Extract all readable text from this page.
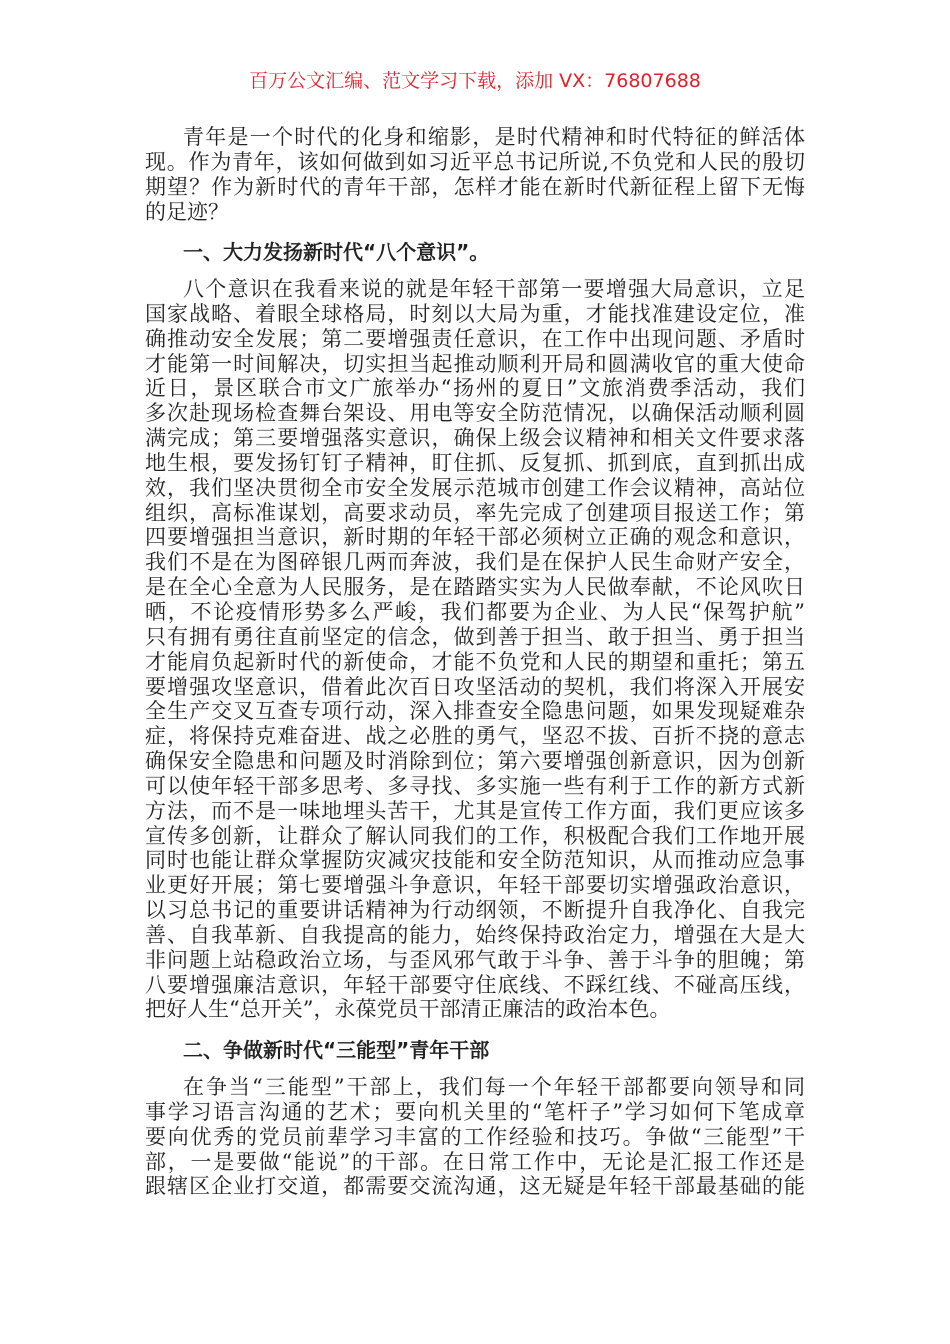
百万公文汇编、范文学习下载，添加 VX：76807688
青年是一个时代的化身和缩影，是时代精神和时代特征的鲜活体
现。作为青年，该如何做到如习近平总书记所说,不负党和人民的殷切
期望？作为新时代的青年干部，怎样才能在新时代新征程上留下无悔
的足迹？
一、大力发扬新时代“八个意识”。
八个意识在我看来说的就是年轻干部第一要增强大局意识，立足
国家战略、着眼全球格局，时刻以大局为重，才能找准建设定位，准
确推动安全发展；第二要增强责任意识，在工作中出现问题、矛盾时
才能第一时间解决，切实担当起推动顺利开局和圆满收官的重大使命
近日，景区联合市文广旅举办“扬州的夏日”文旅消费季活动，我们
多次赴现场检查舞台架设、用电等安全防范情况，以确保活动顺利圆
满完成；第三要增强落实意识，确保上级会议精神和相关文件要求落
地生根，要发扬钉钉子精神，盯住抓、反复抓、抓到底，直到抓出成
效，我们坚决贯彻全市安全发展示范城市创建工作会议精神，高站位
组织，高标准谋划，高要求动员，率先完成了创建项目报送工作；第
四要增强担当意识，新时期的年轻干部必须树立正确的观念和意识，
我们不是在为图碎银几两而奔波，我们是在保护人民生命财产安全，
是在全心全意为人民服务，是在踏踏实实为人民做奉献，不论风吹日
晒，不论疫情形势多么严峻，我们都要为企业、为人民“保驾护航”
只有拥有勇往直前坚定的信念，做到善于担当、敢于担当、勇于担当
才能肩负起新时代的新使命，才能不负党和人民的期望和重托；第五
要增强攻坚意识，借着此次百日攻坚活动的契机，我们将深入开展安
全生产交叉互查专项行动，深入排查安全隐患问题，如果发现疑难杂
症，将保持克难奋进、战之必胜的勇气，坚忍不拔、百折不挠的意志
确保安全隐患和问题及时消除到位；第六要增强创新意识，因为创新
可以使年轻干部多思考、多寻找、多实施一些有利于工作的新方式新
方法，而不是一味地埋头苦干，尤其是宣传工作方面，我们更应该多
宣传多创新，让群众了解认同我们的工作，积极配合我们工作地开展
同时也能让群众掌握防灾减灾技能和安全防范知识，从而推动应急事
业更好开展；第七要增强斗争意识，年轻干部要切实增强政治意识，
以习总书记的重要讲话精神为行动纲领，不断提升自我净化、自我完
善、自我革新、自我提高的能力，始终保持政治定力，增强在大是大
非问题上站稳政治立场，与歪风邪气敢于斗争、善于斗争的胆魄；第
八要增强廉洁意识，年轻干部要守住底线、不踩红线、不碰高压线，
把好人生“总开关”，永葆党员干部清正廉洁的政治本色。
二、争做新时代“三能型”青年干部
在争当“三能型”干部上，我们每一个年轻干部都要向领导和同
事学习语言沟通的艺术；要向机关里的“笔杆子”学习如何下笔成章
要向优秀的党员前辈学习丰富的工作经验和技巧。争做“三能型”干
部，一是要做“能说”的干部。在日常工作中，无论是汇报工作还是
跟辖区企业打交道，都需要交流沟通，这无疑是年轻干部最基础的能
